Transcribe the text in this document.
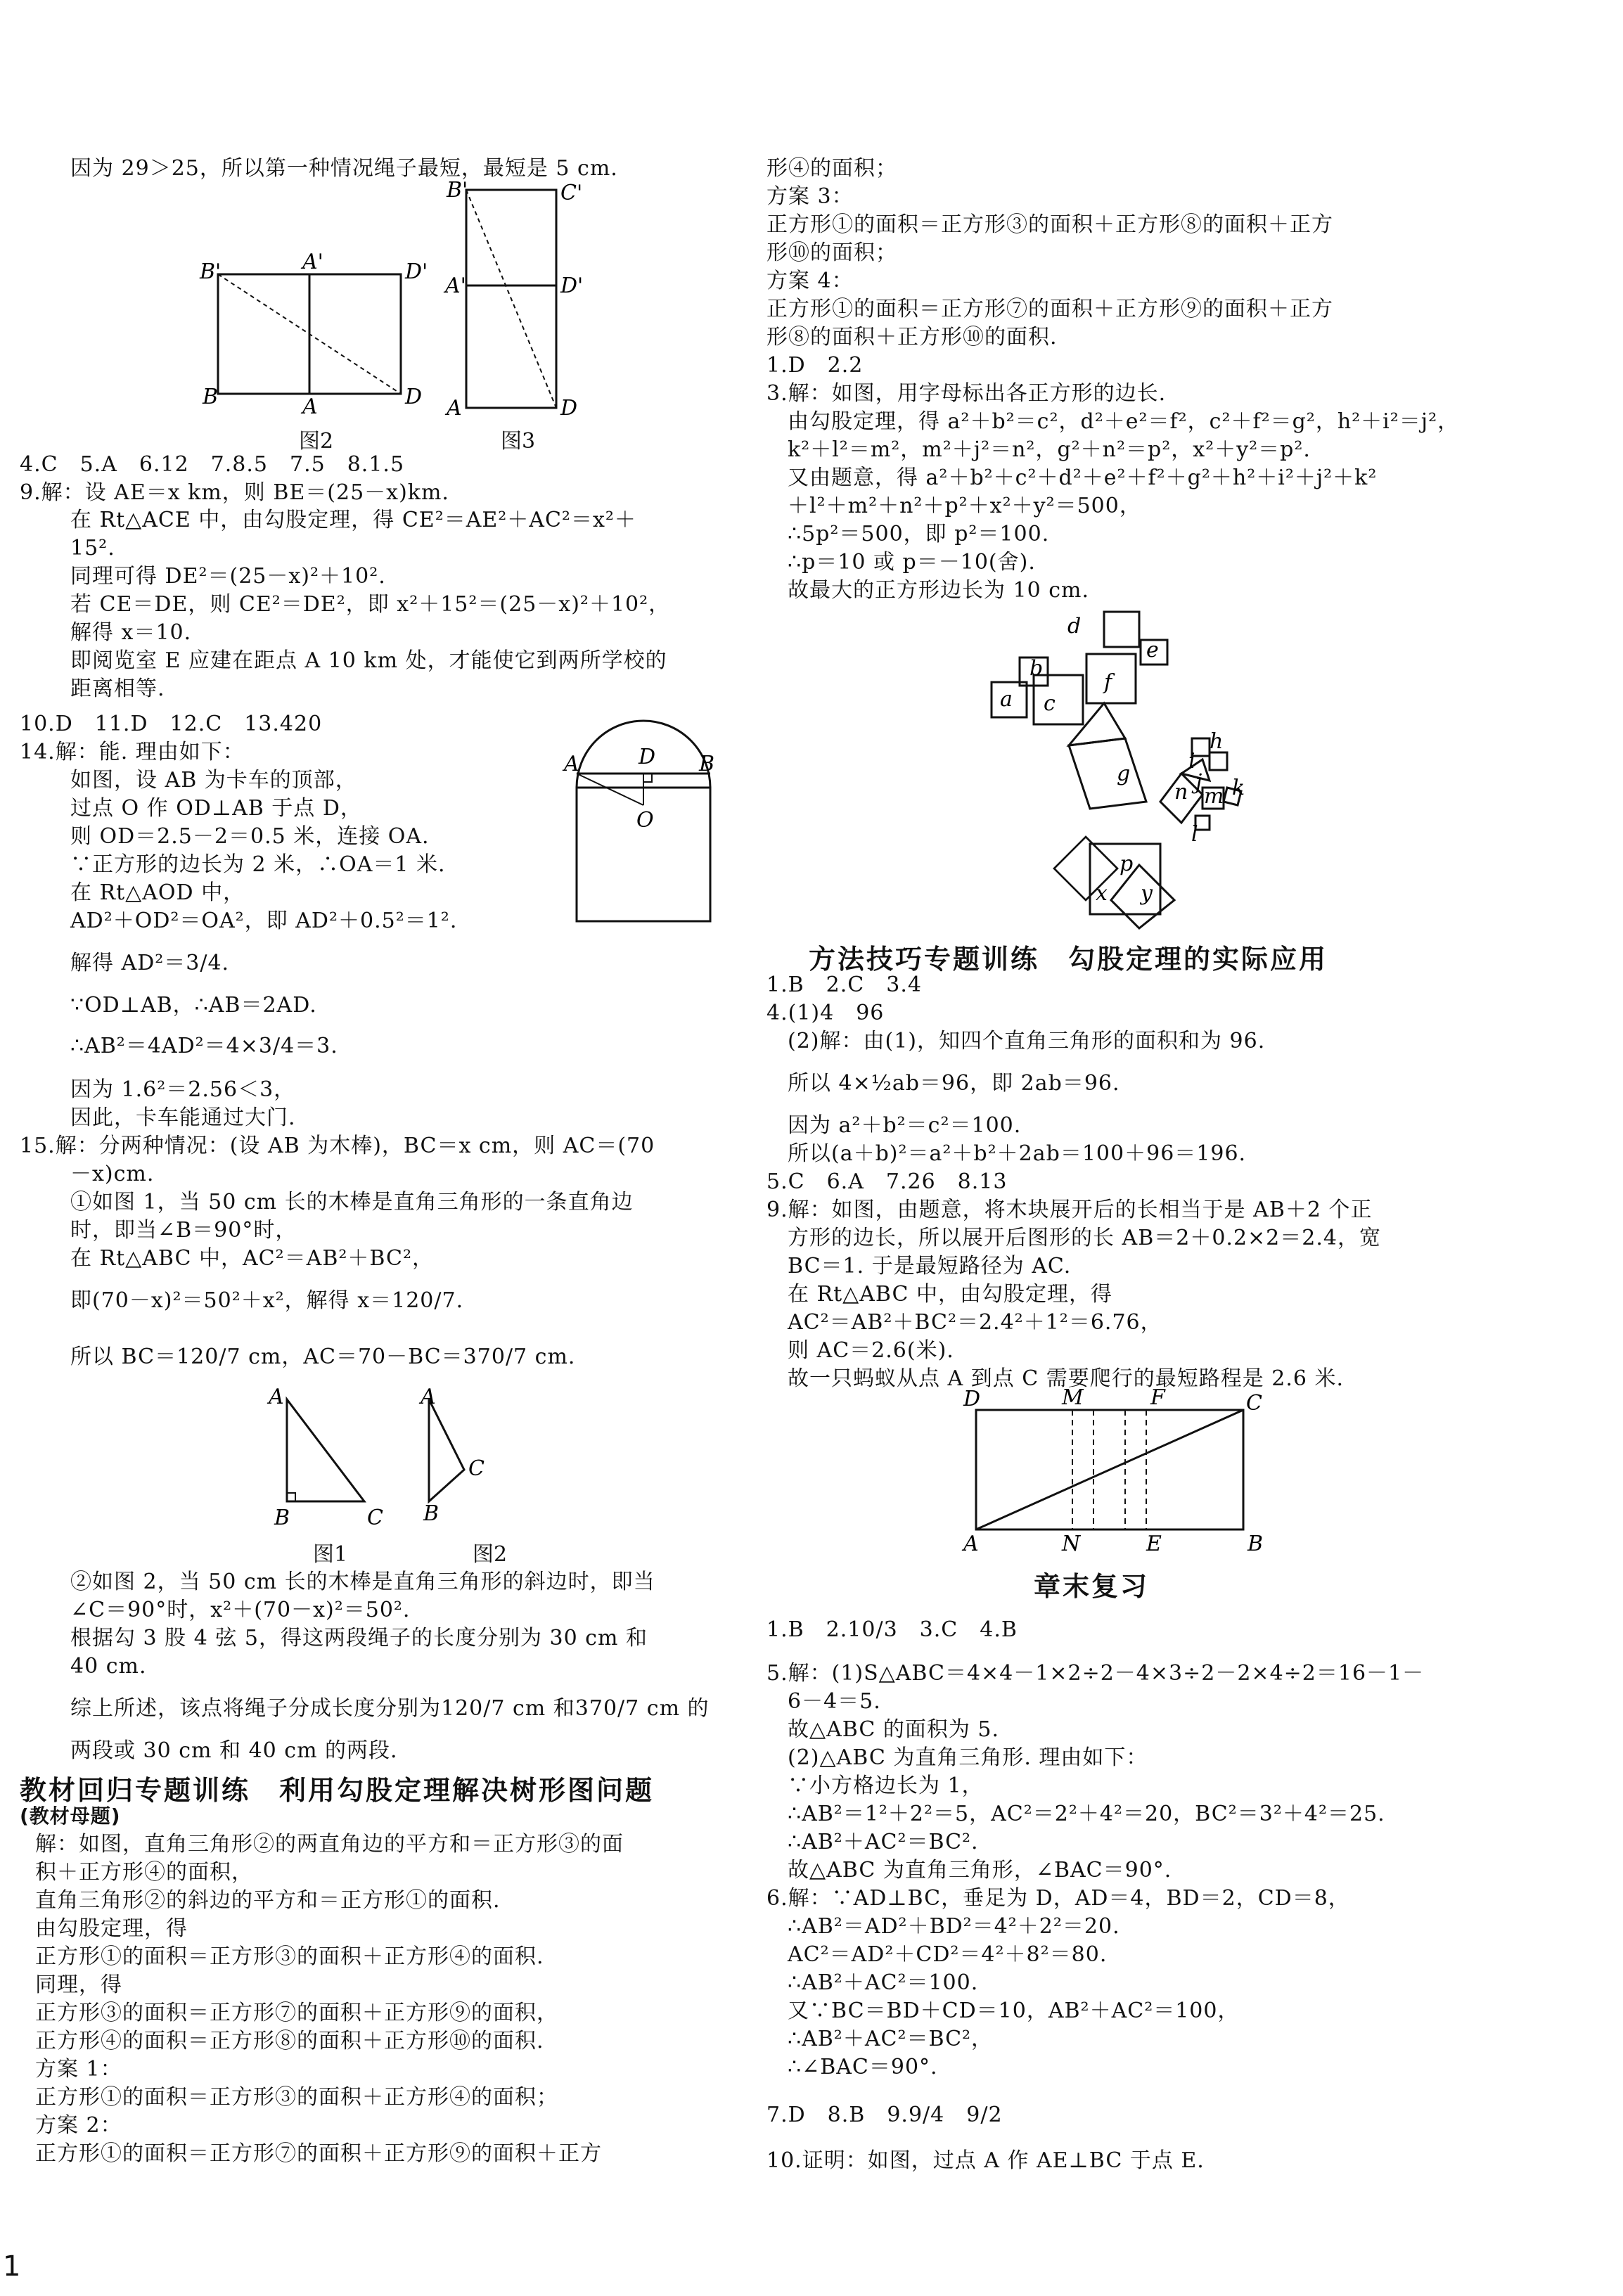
因为 29＞25，所以第一种情况绳子最短，最短是 5 cm.
B'	A'	D'
B	A	D
图2
B'	C'
A'	D'
A	D
图3
4.C　5.A　6.12　7.8.5　7.5　8.1.5
9.解：设 AE＝x km，则 BE＝(25－x)km.
在 Rt△ACE 中，由勾股定理，得 CE²＝AE²＋AC²＝x²＋
15².
同理可得 DE²＝(25－x)²＋10².
若 CE＝DE，则 CE²＝DE²，即 x²＋15²＝(25－x)²＋10²，
解得 x＝10.
即阅览室 E 应建在距点 A 10 km 处，才能使它到两所学校的
距离相等.
10.D　11.D　12.C　13.420
14.解：能. 理由如下：
如图，设 AB 为卡车的顶部，
过点 O 作 OD⊥AB 于点 D，
则 OD＝2.5－2＝0.5 米，连接 OA.
∵正方形的边长为 2 米，∴OA＝1 米.
在 Rt△AOD 中，
AD²＋OD²＝OA²，即 AD²＋0.5²＝1².
解得 AD²＝3/4.
∵OD⊥AB，∴AB＝2AD.
∴AB²＝4AD²＝4×3/4＝3.
因为 1.6²＝2.56＜3，
因此，卡车能通过大门.
A	D B
O
15.解：分两种情况：(设 AB 为木棒)，BC＝x cm，则 AC＝(70
－x)cm.
①如图 1，当 50 cm 长的木棒是直角三角形的一条直角边
时，即当∠B＝90°时，
在 Rt△ABC 中，AC²＝AB²＋BC²，
即(70－x)²＝50²＋x²，解得 x＝120/7.
所以 BC＝120/7 cm，AC＝70－BC＝370/7 cm.
A
B	C
A
B
C
图1	图2
②如图 2，当 50 cm 长的木棒是直角三角形的斜边时，即当
∠C＝90°时，x²＋(70－x)²＝50².
根据勾 3 股 4 弦 5，得这两段绳子的长度分别为 30 cm 和
40 cm.
综上所述，该点将绳子分成长度分别为120/7 cm 和370/7 cm 的
两段或 30 cm 和 40 cm 的两段.
教材回归专题训练　利用勾股定理解决树形图问题
(教材母题)
解：如图，直角三角形②的两直角边的平方和＝正方形③的面
积＋正方形④的面积，
直角三角形②的斜边的平方和＝正方形①的面积.
由勾股定理，得
正方形①的面积＝正方形③的面积＋正方形④的面积.
同理，得
正方形③的面积＝正方形⑦的面积＋正方形⑨的面积，
正方形④的面积＝正方形⑧的面积＋正方形⑩的面积.
方案 1：
正方形①的面积＝正方形③的面积＋正方形④的面积；
方案 2：
正方形①的面积＝正方形⑦的面积＋正方形⑨的面积＋正方
形④的面积；
方案 3：
正方形①的面积＝正方形③的面积＋正方形⑧的面积＋正方
形⑩的面积；
方案 4：
正方形①的面积＝正方形⑦的面积＋正方形⑨的面积＋正方
形⑧的面积＋正方形⑩的面积.
1.D　2.2
3.解：如图，用字母标出各正方形的边长.
由勾股定理，得 a²＋b²＝c²，d²＋e²＝f²，c²＋f²＝g²，h²＋i²＝j²，
k²＋l²＝m²，m²＋j²＝n²，g²＋n²＝p²，x²＋y²＝p².
又由题意，得 a²＋b²＋c²＋d²＋e²＋f²＋g²＋h²＋i²＋j²＋k²
＋l²＋m²＋n²＋p²＋x²＋y²＝500，
∴5p²＝500，即 p²＝100.
∴p＝10 或 p＝－10(舍).
故最大的正方形边长为 10 cm.
d
e
f
a
b
c
g
i
h
j
n m k
l
p
x y
方法技巧专题训练　勾股定理的实际应用
1.B　2.C　3.4
4.(1)4　96
(2)解：由(1)，知四个直角三角形的面积和为 96.
所以 4×½ab＝96，即 2ab＝96.
因为 a²＋b²＝c²＝100.
所以(a＋b)²＝a²＋b²＋2ab＝100＋96＝196.
5.C　6.A　7.26　8.13
9.解：如图，由题意，将木块展开后的长相当于是 AB＋2 个正
方形的边长，所以展开后图形的长 AB＝2＋0.2×2＝2.4，宽
BC＝1. 于是最短路径为 AC.
在 Rt△ABC 中，由勾股定理，得
AC²＝AB²＋BC²＝2.4²＋1²＝6.76，
则 AC＝2.6(米).
故一只蚂蚁从点 A 到点 C 需要爬行的最短路程是 2.6 米.
D	M	F	C
A	N	E	B
章末复习
1.B　2.10/3　3.C　4.B
5.解：(1)S△ABC＝4×4－1×2÷2－4×3÷2－2×4÷2＝16－1－
6－4＝5.
故△ABC 的面积为 5.
(2)△ABC 为直角三角形. 理由如下：
∵小方格边长为 1，
∴AB²＝1²＋2²＝5，AC²＝2²＋4²＝20，BC²＝3²＋4²＝25.
∴AB²＋AC²＝BC².
故△ABC 为直角三角形，∠BAC＝90°.
6.解：∵AD⊥BC，垂足为 D，AD＝4，BD＝2，CD＝8，
∴AB²＝AD²＋BD²＝4²＋2²＝20.
AC²＝AD²＋CD²＝4²＋8²＝80.
∴AB²＋AC²＝100.
又∵BC＝BD＋CD＝10，AB²＋AC²＝100，
∴AB²＋AC²＝BC²，
∴∠BAC＝90°.
7.D　8.B　9.9/4　9/2
10.证明：如图，过点 A 作 AE⊥BC 于点 E.
1
